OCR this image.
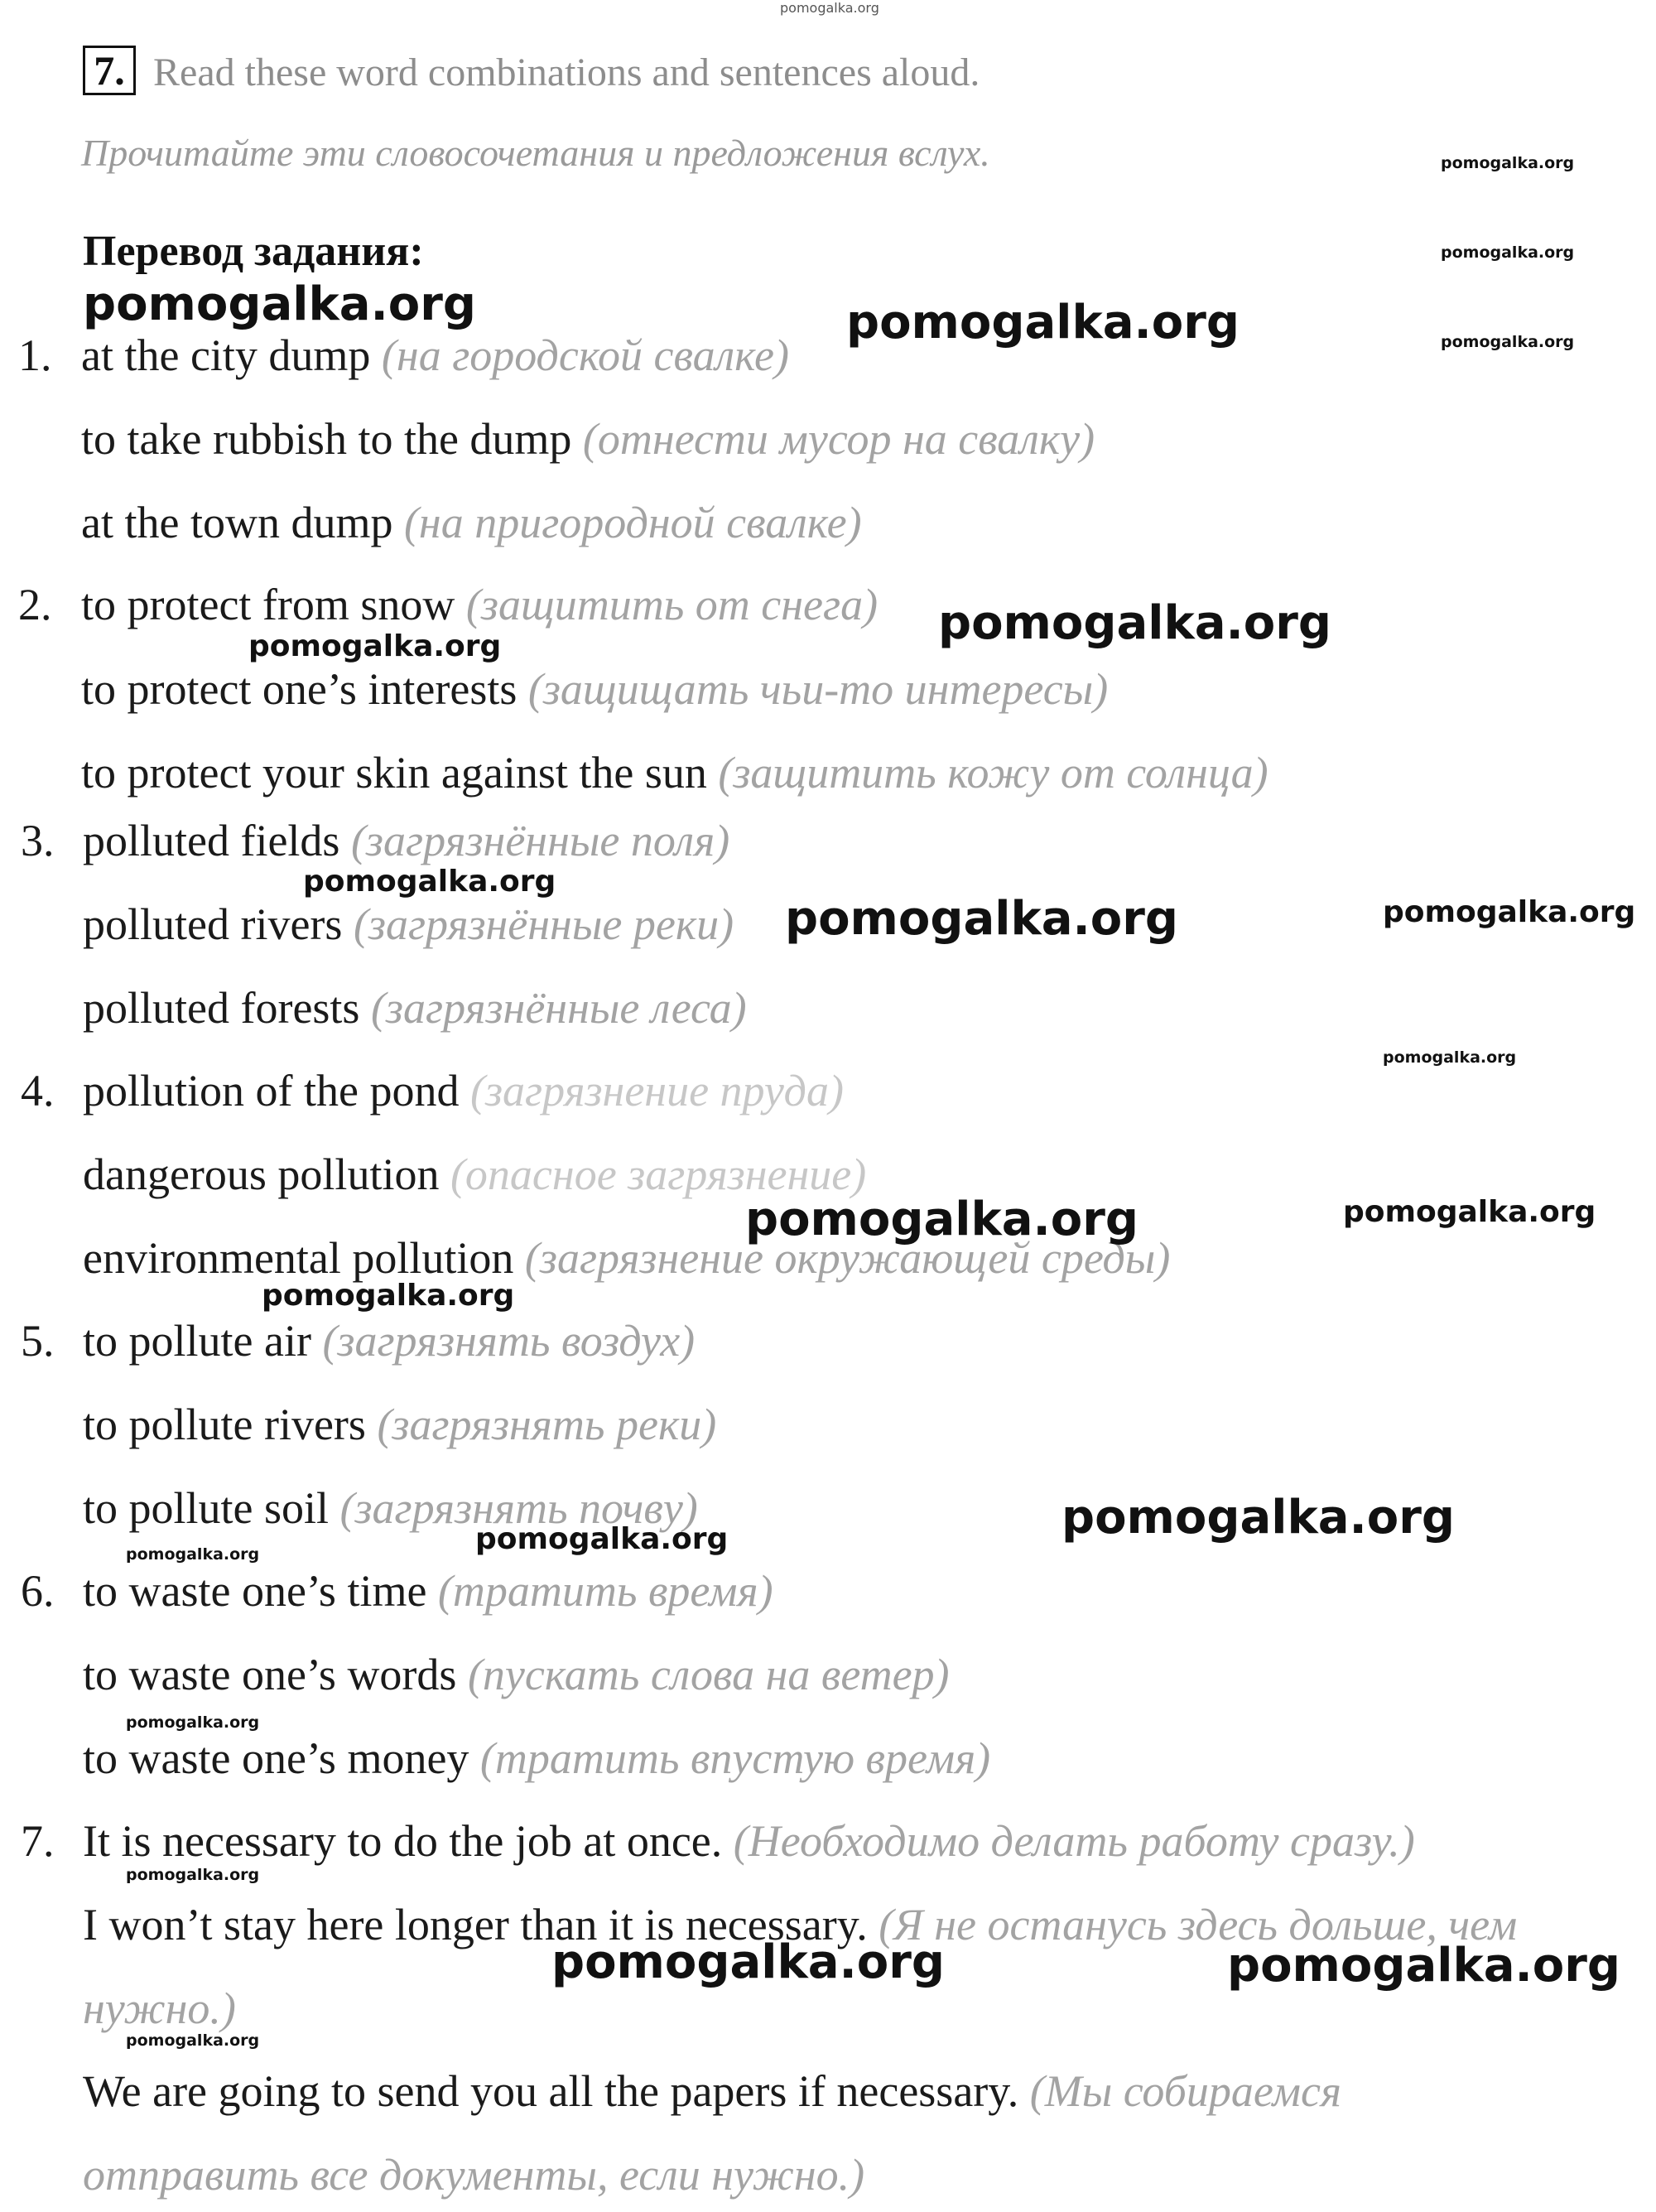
pomogalka.org
7. Read these word combinations and sentences aloud.
Прочитайте эти словосочетания и предложения вслух.
Перевод задания:
1.
2.
3.
4.
5.
6.
7.
at the city dump (на городской свалке)
to take rubbish to the dump (отнести мусор на свалку)
at the town dump (на пригородной свалке)
to protect from snow (защитить от снега)
to protect one’s interests (защищать чьи-то интересы)
to protect your skin against the sun (защитить кожу от солнца)
polluted fields (загрязнённые поля)
polluted rivers (загрязнённые реки)
polluted forests (загрязнённые леса)
pollution of the pond (загрязнение пруда)
dangerous pollution (опасное загрязнение)
environmental pollution (загрязнение окружающей среды)
to pollute air (загрязнять воздух)
to pollute rivers (загрязнять реки)
to pollute soil (загрязнять почву)
to waste one’s time (тратить время)
to waste one’s words (пускать слова на ветер)
to waste one’s money (тратить впустую время)
It is necessary to do the job at once. (Необходимо делать работу сразу.)
I won’t stay here longer than it is necessary. (Я не останусь здесь дольше, чем
нужно.)
We are going to send you all the papers if necessary. (Мы собираемся
отправить все документы, если нужно.)
pomogalka.org
pomogalka.org
pomogalka.org
pomogalka.org	pomogalka.org
pomogalka.org
pomogalka.org
pomogalka.org
pomogalka.org	pomogalka.org
pomogalka.org
pomogalka.org	pomogalka.org
pomogalka.org
pomogalka.org
pomogalka.org
pomogalka.org
pomogalka.org
pomogalka.org
pomogalka.org	pomogalka.org
pomogalka.org
